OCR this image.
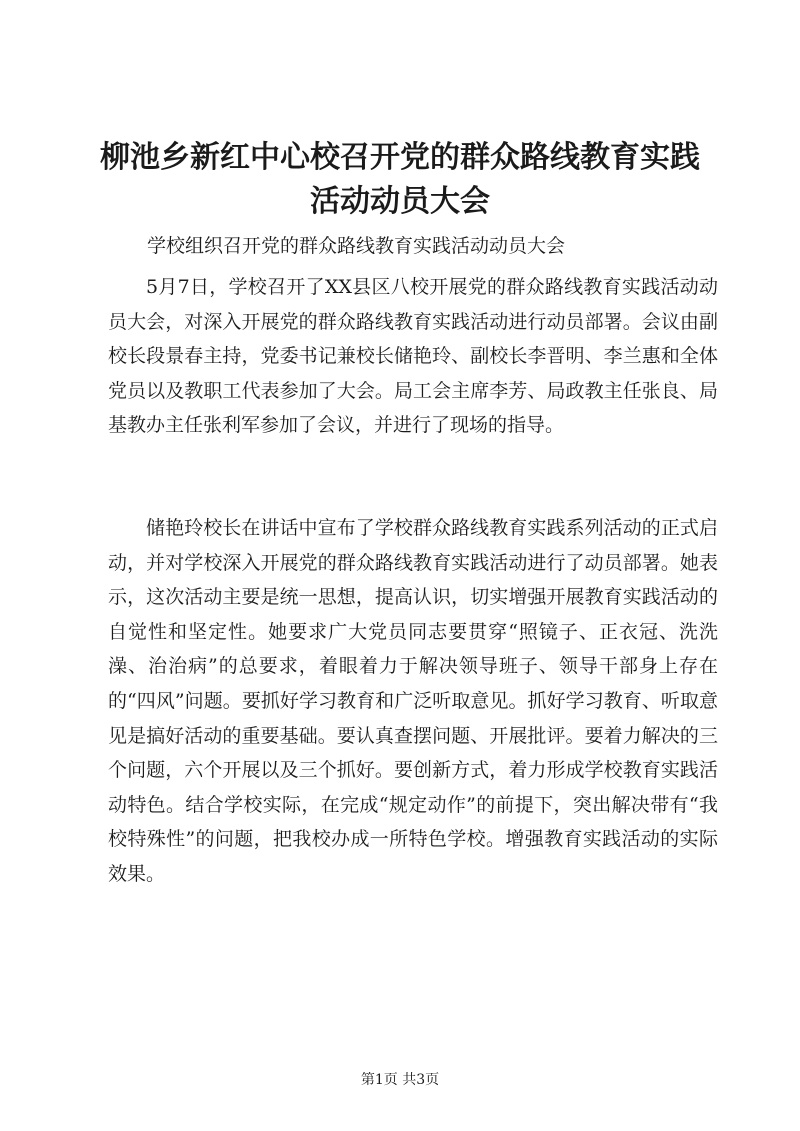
柳池乡新红中心校召开党的群众路线教育实践
活动动员大会

学校组织召开党的群众路线教育实践活动动员大会

5月7日，学校召开了XX县区八校开展党的群众路线教育实践活动动员大会，对深入开展党的群众路线教育实践活动进行动员部署。会议由副校长段景春主持，党委书记兼校长储艳玲、副校长李晋明、李兰惠和全体党员以及教职工代表参加了大会。局工会主席李芳、局政教主任张良、局基教办主任张利军参加了会议，并进行了现场的指导。

储艳玲校长在讲话中宣布了学校群众路线教育实践系列活动的正式启动，并对学校深入开展党的群众路线教育实践活动进行了动员部署。她表示，这次活动主要是统一思想，提高认识，切实增强开展教育实践活动的自觉性和坚定性。她要求广大党员同志要贯穿“照镜子、正衣冠、洗洗澡、治治病”的总要求，着眼着力于解决领导班子、领导干部身上存在的“四风”问题。要抓好学习教育和广泛听取意见。抓好学习教育、听取意见是搞好活动的重要基础。要认真查摆问题、开展批评。要着力解决的三个问题，六个开展以及三个抓好。要创新方式，着力形成学校教育实践活动特色。结合学校实际，在完成“规定动作”的前提下，突出解决带有“我校特殊性”的问题，把我校办成一所特色学校。增强教育实践活动的实际效果。

第1页 共3页
